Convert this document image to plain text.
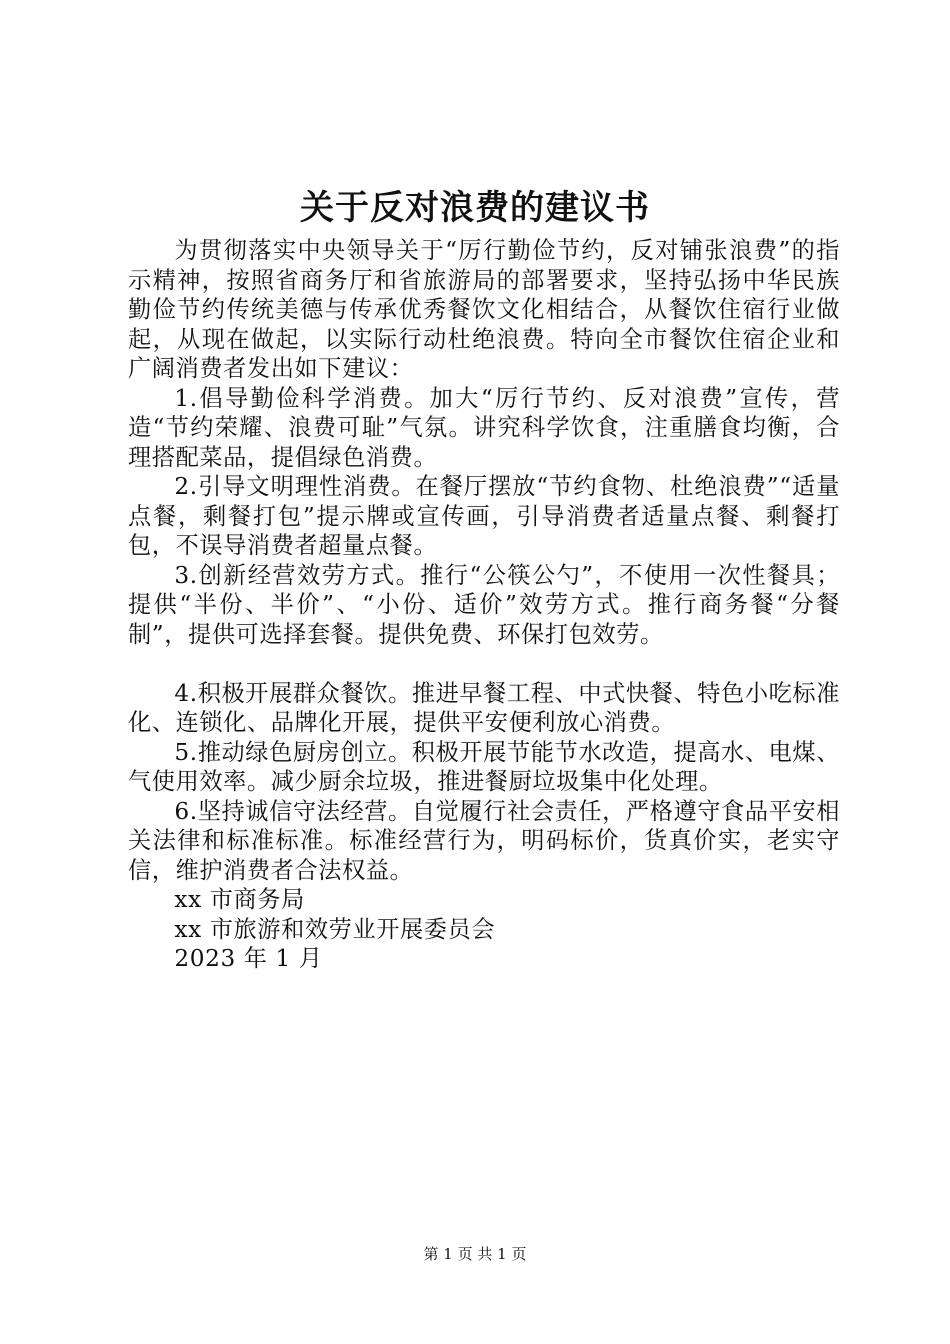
关于反对浪费的建议书

为贯彻落实中央领导关于“厉行勤俭节约，反对铺张浪费”的指示精神，按照省商务厅和省旅游局的部署要求，坚持弘扬中华民族勤俭节约传统美德与传承优秀餐饮文化相结合，从餐饮住宿行业做起，从现在做起，以实际行动杜绝浪费。特向全市餐饮住宿企业和广阔消费者发出如下建议：

1.倡导勤俭科学消费。加大“厉行节约、反对浪费”宣传，营造“节约荣耀、浪费可耻”气氛。讲究科学饮食，注重膳食均衡，合理搭配菜品，提倡绿色消费。

2.引导文明理性消费。在餐厅摆放“节约食物、杜绝浪费”“适量点餐，剩餐打包”提示牌或宣传画，引导消费者适量点餐、剩餐打包，不误导消费者超量点餐。

3.创新经营效劳方式。推行“公筷公勺”，不使用一次性餐具；提供“半份、半价”、“小份、适价”效劳方式。推行商务餐“分餐制”，提供可选择套餐。提供免费、环保打包效劳。

4.积极开展群众餐饮。推进早餐工程、中式快餐、特色小吃标准化、连锁化、品牌化开展，提供平安便利放心消费。

5.推动绿色厨房创立。积极开展节能节水改造，提高水、电煤、气使用效率。减少厨余垃圾，推进餐厨垃圾集中化处理。

6.坚持诚信守法经营。自觉履行社会责任，严格遵守食品平安相关法律和标准标准。标准经营行为，明码标价，货真价实，老实守信，维护消费者合法权益。

xx 市商务局

xx 市旅游和效劳业开展委员会

2023 年 1 月

第 1 页 共 1 页
